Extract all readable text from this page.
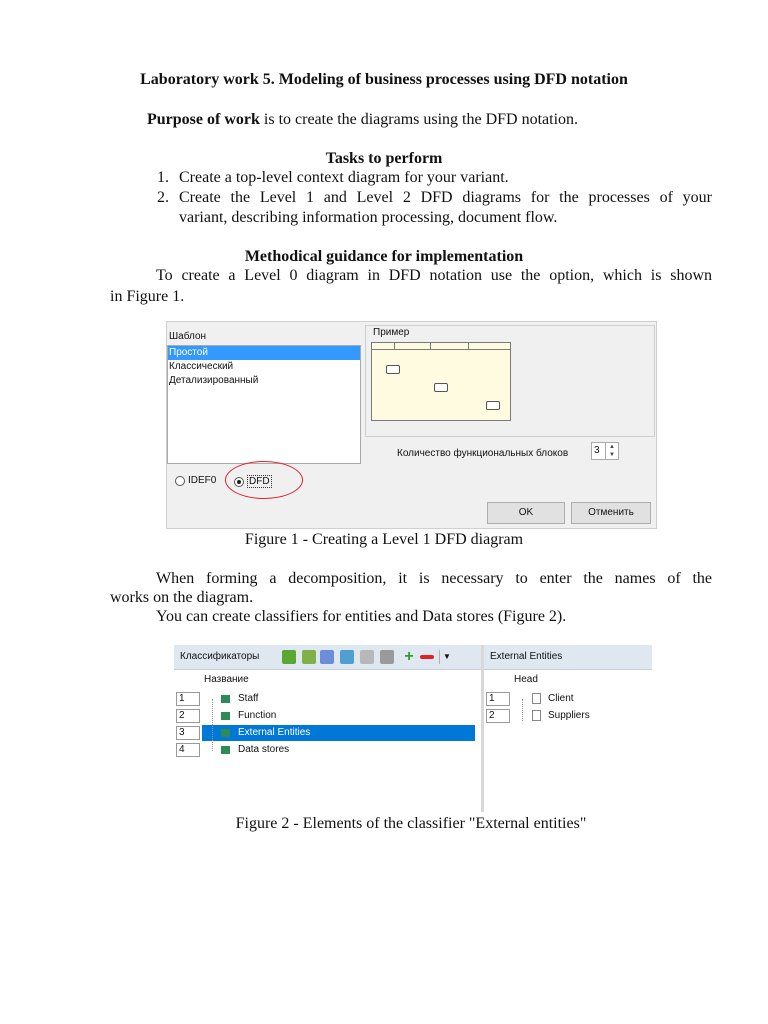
Laboratory work 5. Modeling of business processes using DFD notation
Purpose of work is to create the diagrams using the DFD notation.
Tasks to perform
1. Create a top-level context diagram for your variant.
2. Create the Level 1 and Level 2 DFD diagrams for the processes of your
variant, describing information processing, document flow.
Methodical guidance for implementation
To create a Level 0 diagram in DFD notation use the option, which is shown
in Figure 1.
Шаблон
Простой
Классический
Детализированный
Пример
Количество функциональных блоков	3	▲
▼
IDEF0	DFD
OK	Отменить
Figure 1 - Creating a Level 1 DFD diagram
When forming a decomposition, it is necessary to enter the names of the
works on the diagram.
You can create classifiers for entities and Data stores (Figure 2).
Классификаторы	+	▼	External Entities
Название	Head
1	Staff
2	Function
3	External Entities
4	Data stores
1	Client
2	Suppliers
Figure 2 - Elements of the classifier "External entities"
